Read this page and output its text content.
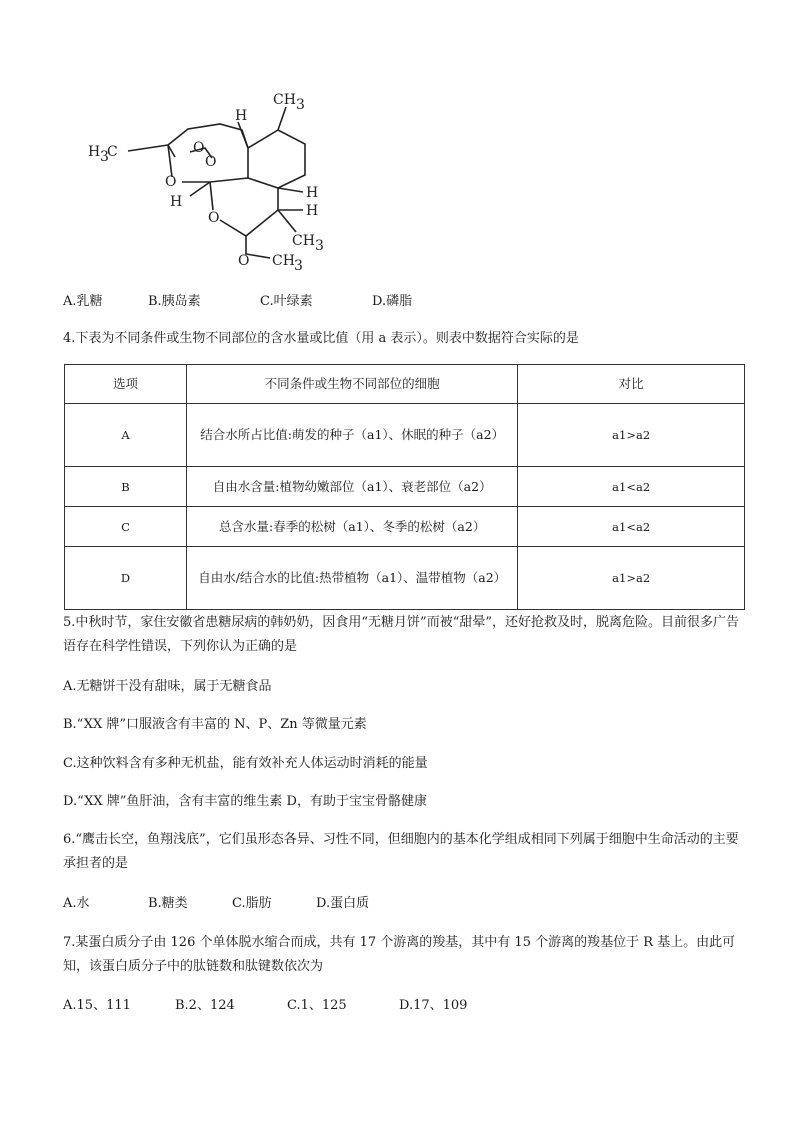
CH 3
H 3
C
H
O
O
O
H
O
H
H
CH 3
O CH 3
A.乳糖	B.胰岛素	C.叶绿素	D.磷脂
4.下表为不同条件或生物不同部位的含水量或比值（用 a 表示）。则表中数据符合实际的是
选项	不同条件或生物不同部位的细胞	对比
A	结合水所占比值:萌发的种子（a1）、休眠的种子（a2）	a1>a2
B	自由水含量:植物幼嫩部位（a1）、衰老部位（a2）	a1<a2
C	总含水量:春季的松树（a1）、冬季的松树（a2）	a1<a2
D	自由水/结合水的比值:热带植物（a1）、温带植物（a2）	a1>a2
5.中秋时节，家住安徽省患糖尿病的韩奶奶，因食用“无糖月饼”而被“甜晕”，还好抢救及时，脱离危险。目前很多广告语存在科学性错误，下列你认为正确的是
A.无糖饼干没有甜味，属于无糖食品
B.“XX 牌”口服液含有丰富的 N、P、Zn 等微量元素
C.这种饮料含有多种无机盐，能有效补充人体运动时消耗的能量
D.“XX 牌”鱼肝油，含有丰富的维生素 D，有助于宝宝骨骼健康
6.“鹰击长空，鱼翔浅底”，它们虽形态各异、习性不同，但细胞内的基本化学组成相同下列属于细胞中生命活动的主要承担者的是
A.水	B.糖类	C.脂肪	D.蛋白质
7.某蛋白质分子由 126 个单体脱水缩合而成，共有 17 个游离的羧基，其中有 15 个游离的羧基位于 R 基上。由此可知，该蛋白质分子中的肽链数和肽键数依次为
A.15、111	B.2、124	C.1、125	D.17、109
